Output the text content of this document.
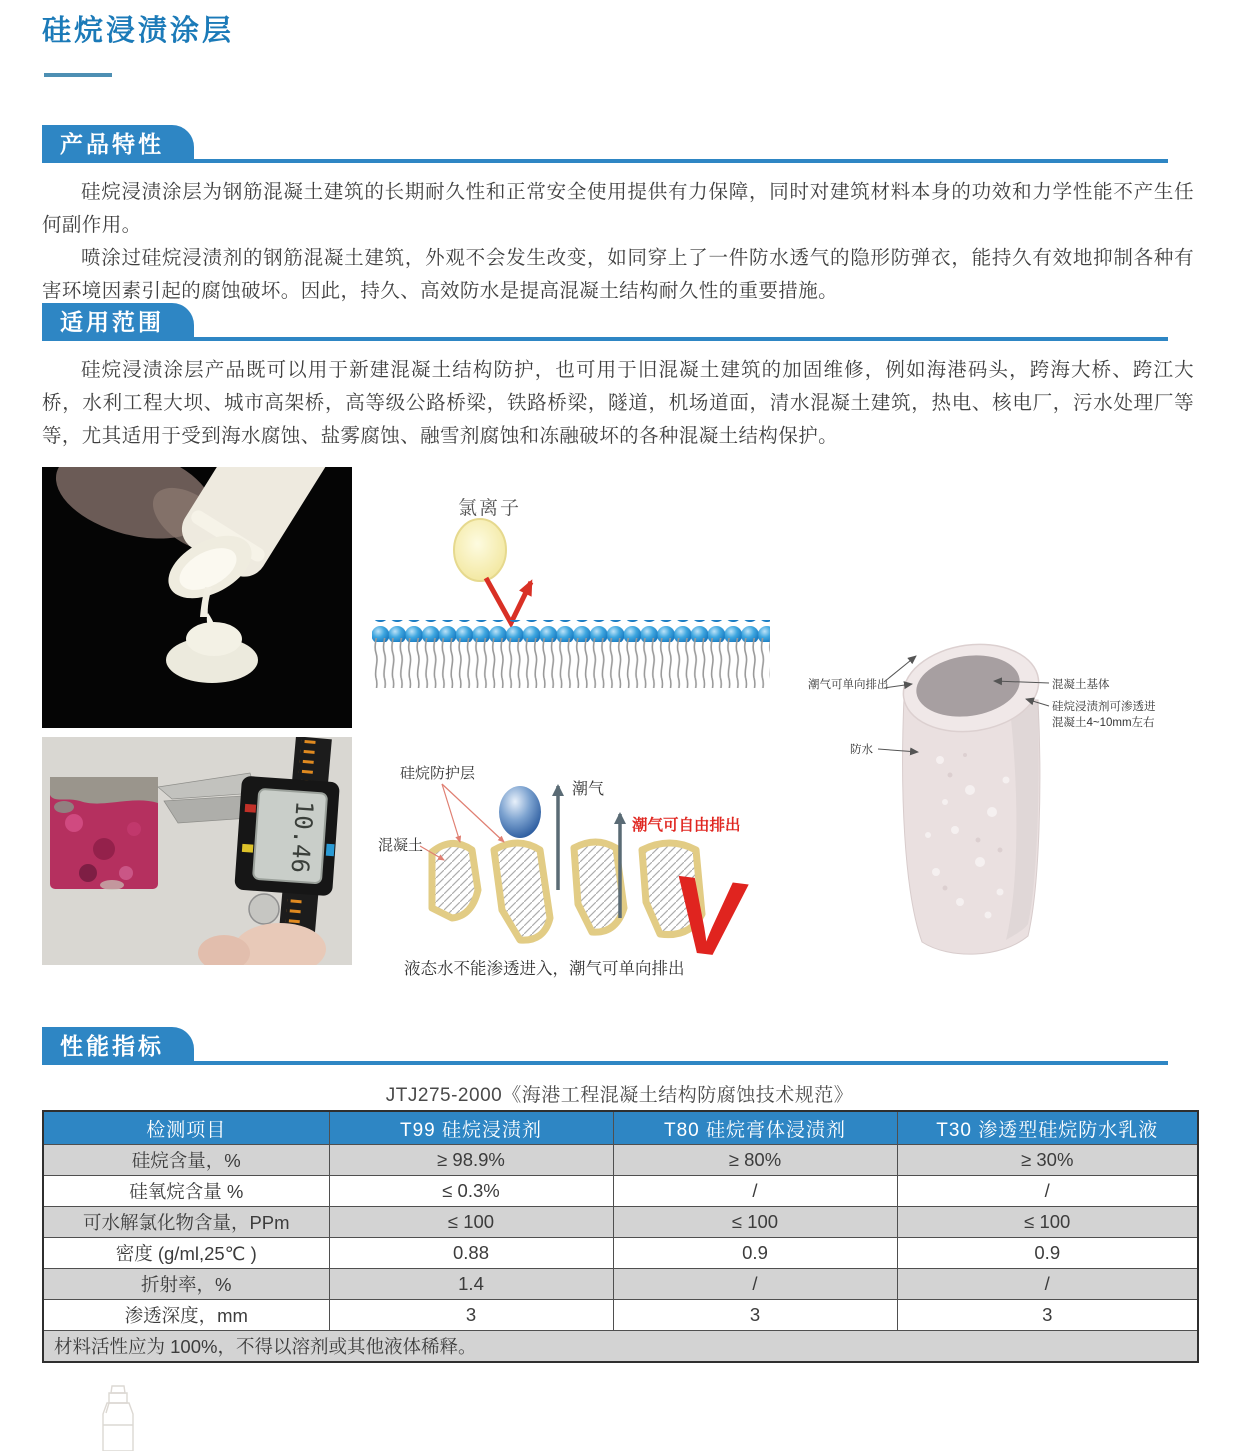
硅烷浸渍涂层
产品特性

硅烷浸渍涂层为钢筋混凝土建筑的长期耐久性和正常安全使用提供有力保障，同时对建筑材料本身的功效和力学性能不产生任何副作用。

喷涂过硅烷浸渍剂的钢筋混凝土建筑，外观不会发生改变，如同穿上了一件防水透气的隐形防弹衣，能持久有效地抑制各种有害环境因素引起的腐蚀破坏。因此，持久、高效防水是提高混凝土结构耐久性的重要措施。

适用范围

硅烷浸渍涂层产品既可以用于新建混凝土结构防护，也可用于旧混凝土建筑的加固维修，例如海港码头，跨海大桥、跨江大桥，水利工程大坝、城市高架桥，高等级公路桥梁，铁路桥梁，隧道，机场道面，清水混凝土建筑，热电、核电厂，污水处理厂等等，尤其适用于受到海水腐蚀、盐雾腐蚀、融雪剂腐蚀和冻融破坏的各种混凝土结构保护。

氯离子
潮气可单向排出	混凝土基体
硅烷浸渍剂可渗透进
混凝土4~10mm左右
防水
10.46
潮气
潮气可自由排出
硅烷防护层
混凝土
V
液态水不能渗透进入，潮气可单向排出
性能指标
JTJ275-2000《海港工程混凝土结构防腐蚀技术规范》
检测项目	T99 硅烷浸渍剂	T80 硅烷膏体浸渍剂	T30 渗透型硅烷防水乳液
硅烷含量，%	≥ 98.9%	≥ 80%	≥ 30%
硅氧烷含量 %	≤ 0.3%	/	/
可水解氯化物含量，PPm	≤ 100	≤ 100	≤ 100
密度 (g/ml,25℃ )	0.88	0.9	0.9
折射率，%	1.4	/	/
渗透深度，mm	3	3	3
材料活性应为 100%，不得以溶剂或其他液体稀释。			
